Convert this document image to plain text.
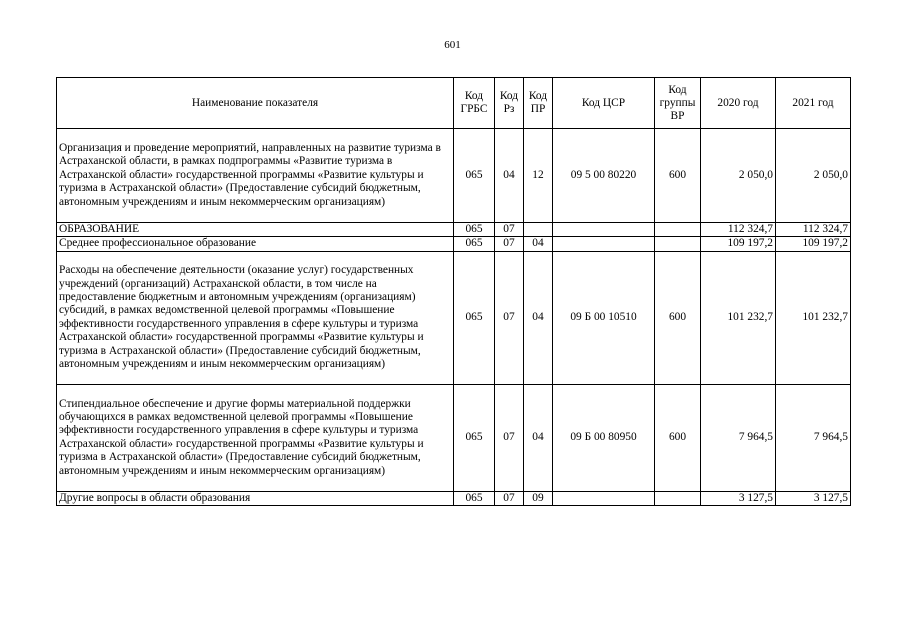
601
Наименование показателя	Код ГРБС	Код Рз	Код ПР	Код ЦСР	Код группы ВР	2020 год	2021 год
Организация и проведение мероприятий, направленных на развитие туризма в Астраханской области, в рамках подпрограммы «Развитие туризма в Астраханской области» государственной программы «Развитие культуры и туризма в Астраханской области» (Предоставление субсидий бюджетным, автономным учреждениям и иным некоммерческим организациям)	065	04	12	09 5 00 80220	600	2 050,0	2 050,0
ОБРАЗОВАНИЕ	065	07				112 324,7	112 324,7
Среднее профессиональное образование	065	07	04			109 197,2	109 197,2
Расходы на обеспечение деятельности (оказание услуг) государственных учреждений (организаций) Астраханской области, в том числе на предоставление бюджетным и автономным учреждениям (организациям) субсидий, в рамках ведомственной целевой программы «Повышение эффективности государственного управления в сфере культуры и туризма Астраханской области» государственной программы «Развитие культуры и туризма в Астраханской области» (Предоставление субсидий бюджетным, автономным учреждениям и иным некоммерческим организациям)	065	07	04	09 Б 00 10510	600	101 232,7	101 232,7
Стипендиальное обеспечение и другие формы материальной поддержки обучающихся в рамках ведомственной целевой программы «Повышение эффективности государственного управления в сфере культуры и туризма Астраханской области» государственной программы «Развитие культуры и туризма в Астраханской области» (Предоставление субсидий бюджетным, автономным учреждениям и иным некоммерческим организациям)	065	07	04	09 Б 00 80950	600	7 964,5	7 964,5
Другие вопросы в области образования	065	07	09			3 127,5	3 127,5
